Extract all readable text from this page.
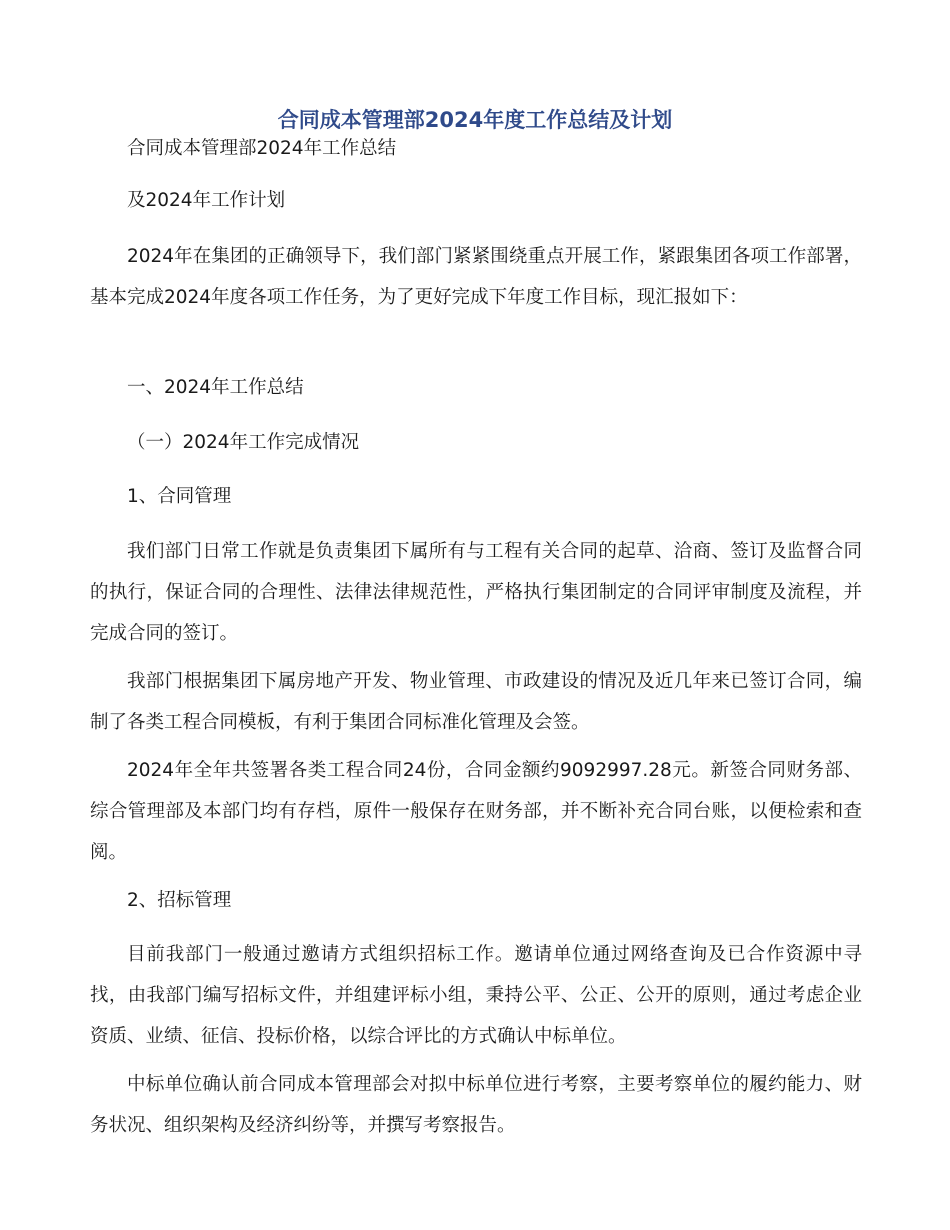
合同成本管理部2024年度工作总结及计划

合同成本管理部2024年工作总结

及2024年工作计划

2024年在集团的正确领导下，我们部门紧紧围绕重点开展工作，紧跟集团各项工作部署，基本完成2024年度各项工作任务，为了更好完成下年度工作目标，现汇报如下：

一、2024年工作总结

（一）2024年工作完成情况

1、合同管理

我们部门日常工作就是负责集团下属所有与工程有关合同的起草、洽商、签订及监督合同的执行，保证合同的合理性、法律法律规范性，严格执行集团制定的合同评审制度及流程，并完成合同的签订。

我部门根据集团下属房地产开发、物业管理、市政建设的情况及近几年来已签订合同，编制了各类工程合同模板，有利于集团合同标准化管理及会签。

2024年全年共签署各类工程合同24份，合同金额约9092997.28元。新签合同财务部、综合管理部及本部门均有存档，原件一般保存在财务部，并不断补充合同台账，以便检索和查阅。

2、招标管理

目前我部门一般通过邀请方式组织招标工作。邀请单位通过网络查询及已合作资源中寻找，由我部门编写招标文件，并组建评标小组，秉持公平、公正、公开的原则，通过考虑企业资质、业绩、征信、投标价格，以综合评比的方式确认中标单位。

中标单位确认前合同成本管理部会对拟中标单位进行考察，主要考察单位的履约能力、财务状况、组织架构及经济纠纷等，并撰写考察报告。
